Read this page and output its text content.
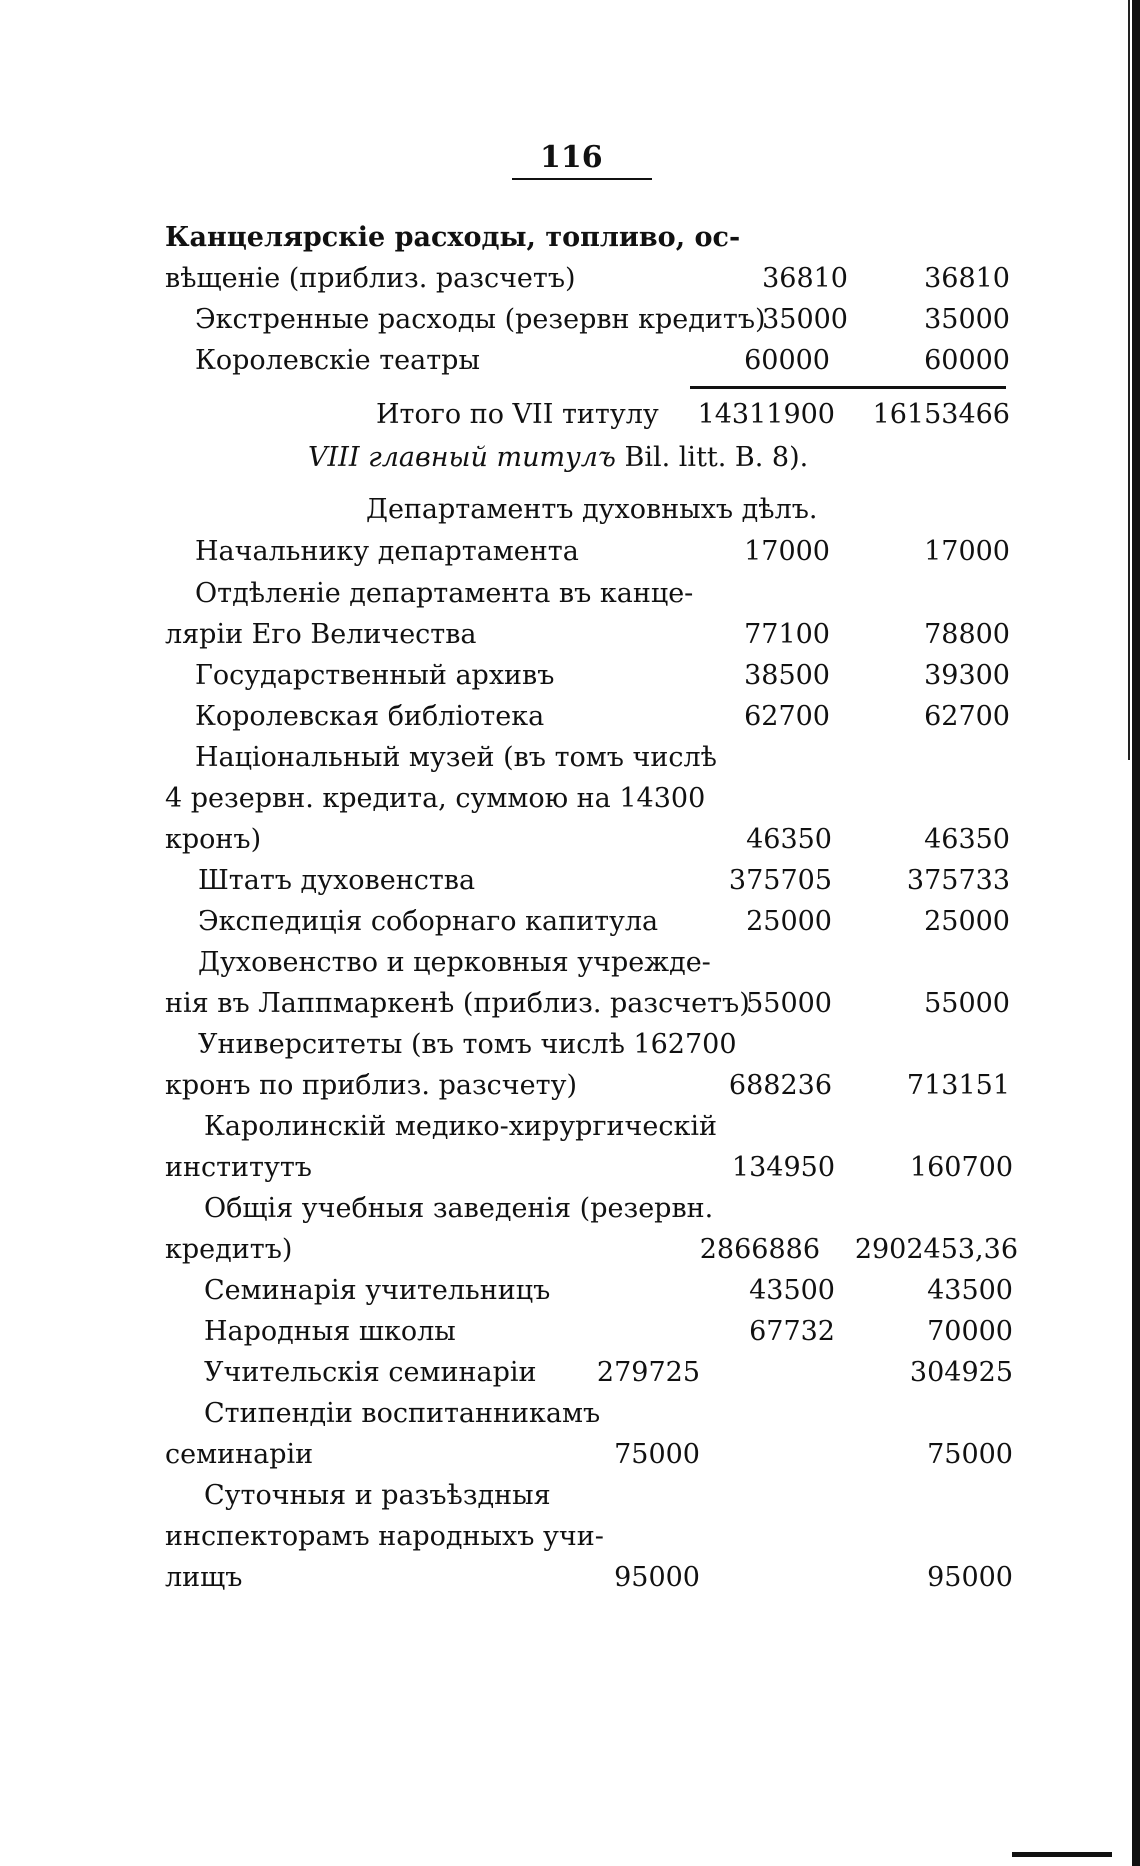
116
Канцелярскіе расходы, топливо, ос-
вѣщеніе (приблиз. разсчетъ)	36810	36810
Экстренные расходы (резервн кредитъ)
35000	35000
Королевскіе театры	60000	60000
Итого по VII титулу	14311900	16153466
VIII главный титулъ Bil. litt. B. 8).
Департаментъ духовныхъ дѣлъ.
Начальнику департамента	17000	17000
Отдѣленіе департамента въ канце-
ляріи Его Величества	77100	78800
Государственный архивъ	38500	39300
Королевская библіотека	62700	62700
Національный музей (въ томъ числѣ
4 резервн. кредита, суммою на 14300
кронъ)	46350	46350
Штатъ духовенства	375705	375733
Экспедиція соборнаго капитула	25000	25000
Духовенство и церковныя учрежде-
нія въ Лаппмаркенѣ (приблиз. разсчетъ)
55000	55000
Университеты (въ томъ числѣ 162700
кронъ по приблиз. разсчету)	688236	713151
Каролинскій медико-хирургическій
институтъ	134950	160700
Общія учебныя заведенія (резервн.
кредитъ)	2866886	2902453,36
Семинарія учительницъ	43500	43500
Народныя школы	67732	70000
Учительскія семинаріи	279725	304925
Стипендіи воспитанникамъ
семинаріи	75000	75000
Суточныя и разъѣздныя
инспекторамъ народныхъ учи-
лищъ	95000	95000
